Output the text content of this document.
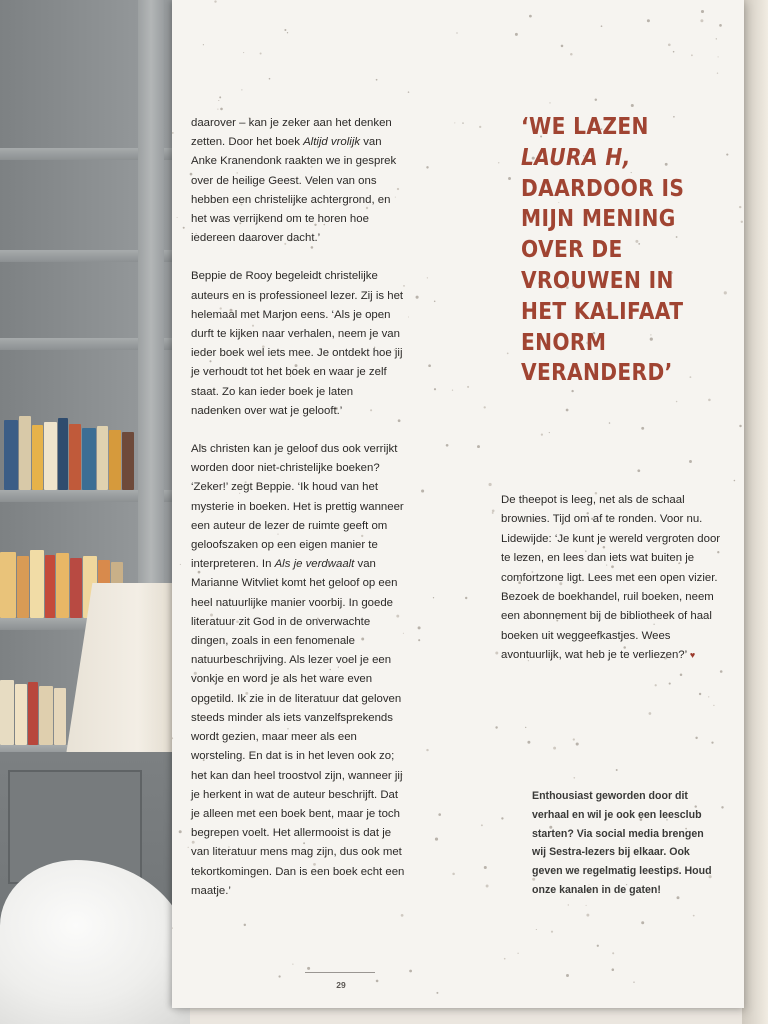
daarover – kan je zeker aan het denken zetten. Door het boek Altijd vrolijk van Anke Kranendonk raakten we in gesprek over de heilige Geest. Velen van ons hebben een christelijke achtergrond, en het was verrijkend om te horen hoe iedereen daarover dacht.’

Beppie de Rooy begeleidt christelijke auteurs en is professioneel lezer. Zij is het helemaal met Marjon eens. ‘Als je open durft te kijken naar verhalen, neem je van ieder boek wel iets mee. Je ontdekt hoe jij je verhoudt tot het boek en waar je zelf staat. Zo kan ieder boek je laten nadenken over wat je gelooft.’

Als christen kan je geloof dus ook verrijkt worden door niet-christelijke boeken? ‘Zeker!’ zegt Beppie. ‘Ik houd van het mysterie in boeken. Het is prettig wanneer een auteur de lezer de ruimte geeft om geloofszaken op een eigen manier te interpreteren. In Als je verdwaalt van Marianne Witvliet komt het geloof op een heel natuurlijke manier voorbij. In goede literatuur zit God in de onverwachte dingen, zoals in een fenomenale natuurbeschrijving. Als lezer voel je een vonkje en word je als het ware even opgetild. Ik zie in de literatuur dat geloven steeds minder als iets vanzelfsprekends wordt gezien, maar meer als een worsteling. En dat is in het leven ook zo; het kan dan heel troostvol zijn, wanneer jij je herkent in wat de auteur beschrijft. Dat je alleen met een boek bent, maar je toch begrepen voelt. Het allermooist is dat je van literatuur mens mag zijn, dus ook met tekortkomingen. Dan is een boek echt een maatje.’

‘WE LAZEN
LAURA H,
DAARDOOR IS
MIJN MENING
OVER DE
VROUWEN IN
HET KALIFAAT
ENORM
VERANDERD’

De theepot is leeg, net als de schaal brownies. Tijd om af te ronden. Voor nu. Lidewijde: ‘Je kunt je wereld vergroten door te lezen, en lees dan iets wat buiten je comfortzone ligt. Lees met een open vizier. Bezoek de boekhandel, ruil boeken, neem een abonnement bij de bibliotheek of haal boeken uit weggeefkastjes. Wees avontuurlijk, wat heb je te verliezen?’ ♥

Enthousiast geworden door dit verhaal en wil je ook een leesclub starten? Via social media brengen wij Sestra-lezers bij elkaar. Ook geven we regelmatig leestips. Houd onze kanalen in de gaten!

29
